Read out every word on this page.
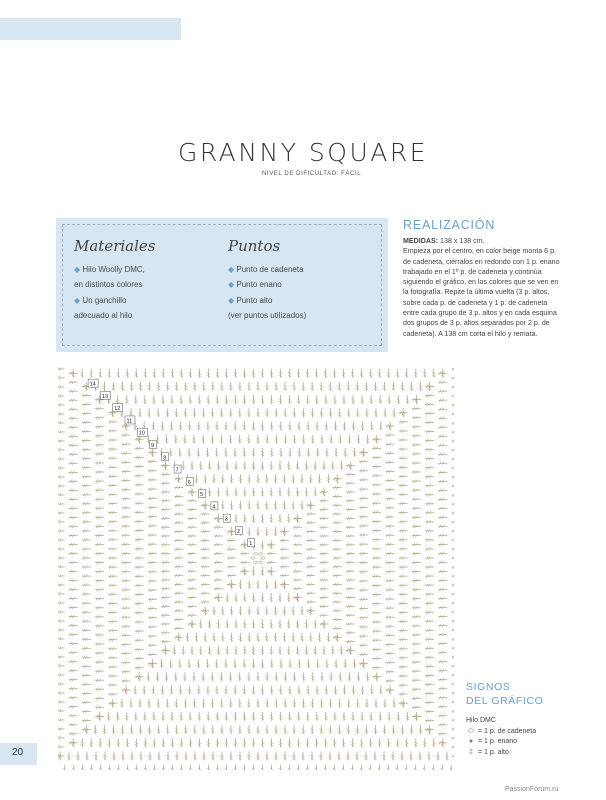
GRANNY SQUARE
NIVEL DE DIFICULTAD: FÁCIL
Materiales
◆ Hilo Woolly DMC,
en distintos colores
◆ Un ganchillo
adecuado al hilo
Puntos
◆ Punto de cadeneta
◆ Punto enano
◆ Punto alto
(ver puntos utilizados)
REALIZACIÓN
MEDIDAS: 138 x 138 cm.
Empieza por el centro, en color beige monta 6 p. de cadeneta, ciérralos en redondo con 1 p. enano trabajado en el 1º p. de cadeneta y continúa siguiendo el gráfico, en los colores que se ven en la fotografía. Repite la última vuelta (3 p. altos, sobre cada p. de cadeneta y 1 p. de cadeneta entre cada grupo de 3 p. altos y en cada esquina dos grupos de 3 p. altos separados por 2 p. de cadeneta). A 138 cm corta el hilo y remata.
1
2
3
4
5
6
7
8
9
10
11
12
13
14
SIGNOS
DEL GRÁFICO
Hilo DMC
⬭ = 1 p. de cadeneta
● = 1 p. enano
‡ = 1 p. alto
20
PassionForum.ru
